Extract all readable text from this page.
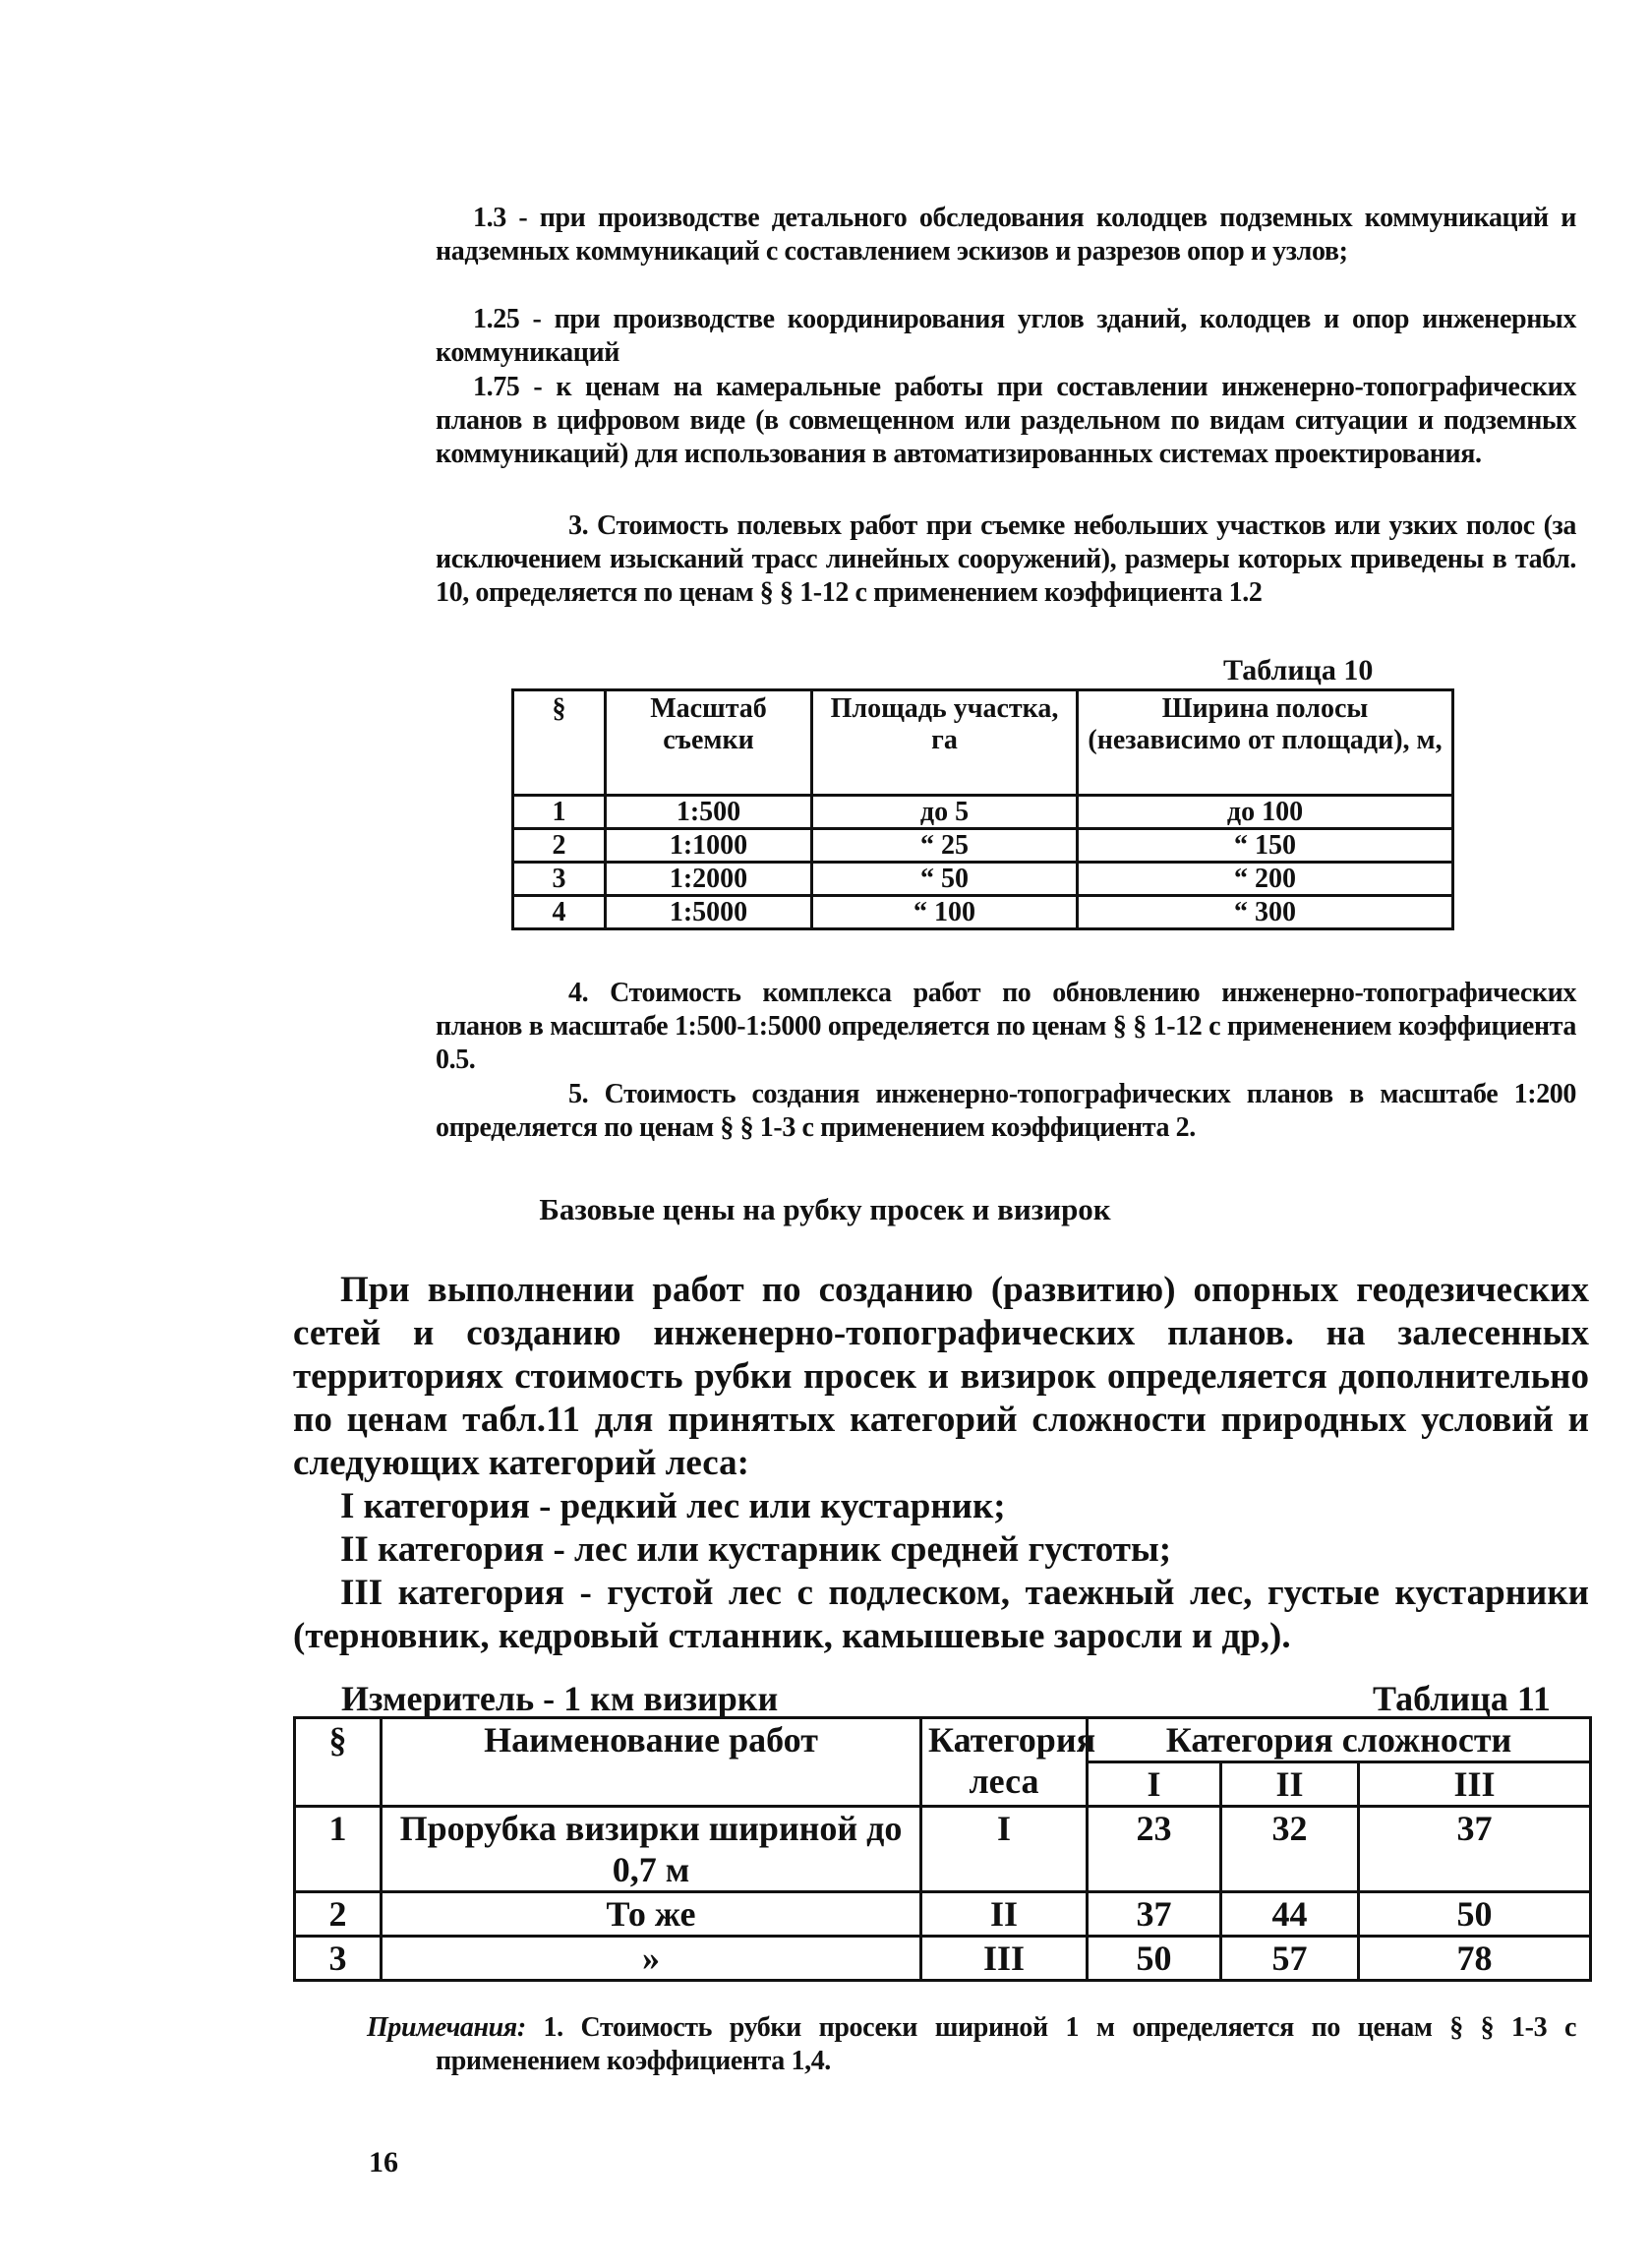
1.3 - при производстве детального обследования колодцев подземных коммуникаций и надземных коммуникаций с составлением эскизов и разрезов опор и узлов;

1.25 - при производстве координирования углов зданий, колодцев и опор инженерных коммуникаций

1.75 - к ценам на камеральные работы при составлении инженерно-топографических планов в цифровом виде (в совмещенном или раздельном по видам ситуации и подземных коммуникаций) для использования в автоматизированных системах проектирования.

3. Стоимость полевых работ при съемке небольших участков или узких полос (за исключением изысканий трасс линейных сооружений), размеры которых приведены в табл. 10, определяется по ценам § § 1-12 с применением коэффициента 1.2

Таблица 10
§	Масштаб съемки	Площадь участка, га	Ширина полосы (независимо от площади), м,
1	1:500	до 5	до 100
2	1:1000	“ 25	“ 150
3	1:2000	“ 50	“ 200
4	1:5000	“ 100	“ 300

4. Стоимость комплекса работ по обновлению инженерно-топографических планов в масштабе 1:500-1:5000 определяется по ценам § § 1-12 с применением коэффициента 0.5.

5. Стоимость создания инженерно-топографических планов в масштабе 1:200 определяется по ценам § § 1-3 с применением коэффициента 2.

Базовые цены на рубку просек и визирок

При выполнении работ по созданию (развитию) опорных геодезических сетей и созданию инженерно-топографических планов. на залесенных территориях стоимость рубки просек и визирок определяется дополнительно по ценам табл.11 для принятых категорий сложности природных условий и следующих категорий леса:

I категория - редкий лес или кустарник;

II категория - лес или кустарник средней густоты;

III категория - густой лес с подлеском, таежный лес, густые кустарники (терновник, кедровый стланник, камышевые заросли и др,).

Измеритель - 1 км визирки	Таблица 11
§	Наименование работ	Категория леса	Категория сложности		
			I	II	III
1	Прорубка визирки шириной до 0,7 м	I	23	32	37
2	То же	II	37	44	50
3	»	III	50	57	78

Примечания: 1. Стоимость рубки просеки шириной 1 м определяется по ценам § § 1-3 с применением коэффициента 1,4.

16
